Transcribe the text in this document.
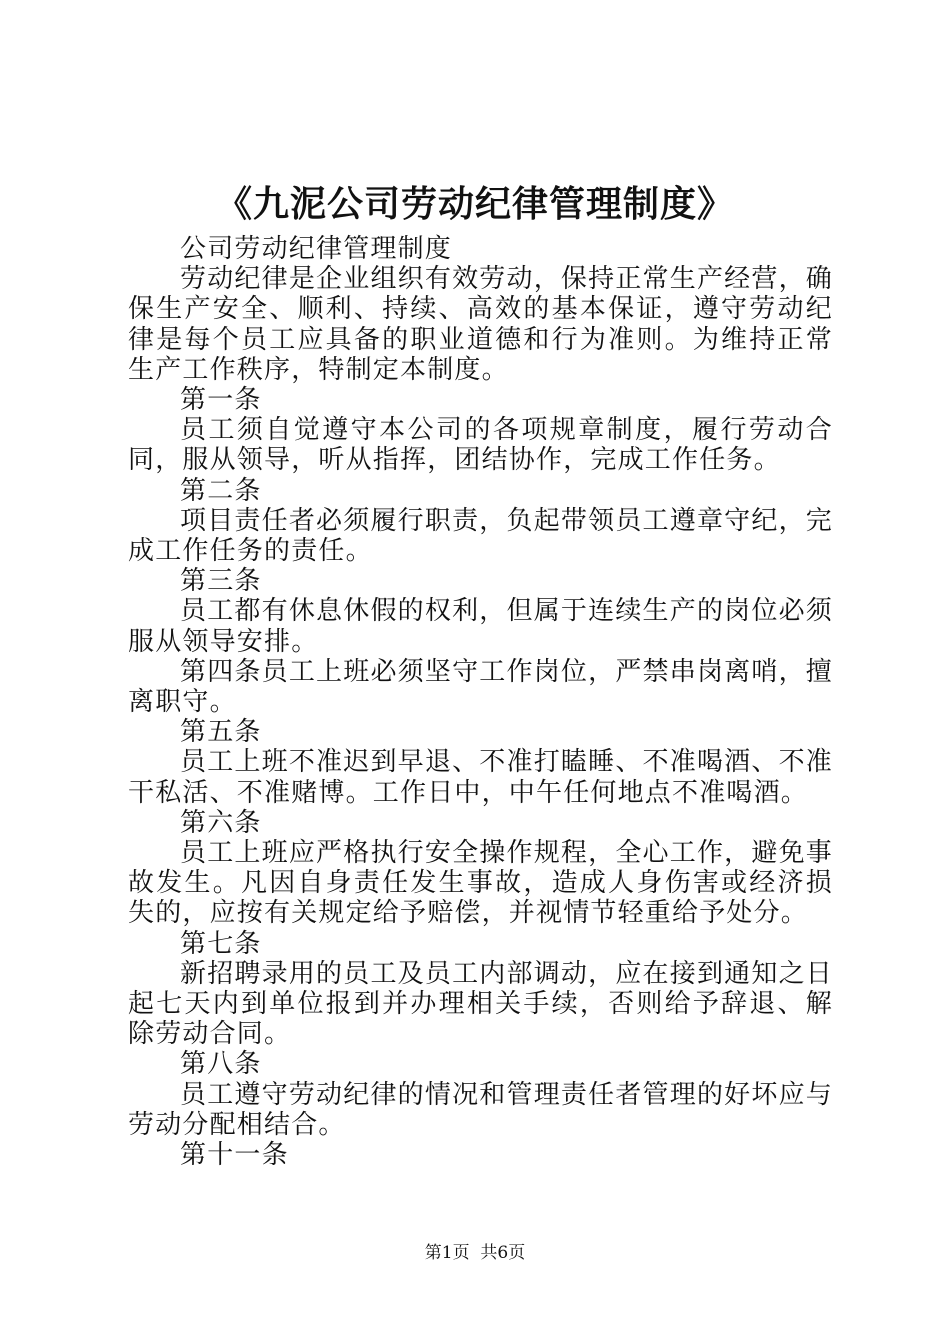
《九泥公司劳动纪律管理制度》

公司劳动纪律管理制度

劳动纪律是企业组织有效劳动，保持正常生产经营，确保生产安全、顺利、持续、高效的基本保证，遵守劳动纪律是每个员工应具备的职业道德和行为准则。为维持正常生产工作秩序，特制定本制度。

第一条

员工须自觉遵守本公司的各项规章制度，履行劳动合同，服从领导，听从指挥，团结协作，完成工作任务。

第二条

项目责任者必须履行职责，负起带领员工遵章守纪，完成工作任务的责任。

第三条

员工都有休息休假的权利，但属于连续生产的岗位必须服从领导安排。

第四条员工上班必须坚守工作岗位，严禁串岗离哨，擅离职守。

第五条

员工上班不准迟到早退、不准打瞌睡、不准喝酒、不准干私活、不准赌博。工作日中，中午任何地点不准喝酒。

第六条

员工上班应严格执行安全操作规程，全心工作，避免事故发生。凡因自身责任发生事故，造成人身伤害或经济损失的，应按有关规定给予赔偿，并视情节轻重给予处分。

第七条

新招聘录用的员工及员工内部调动，应在接到通知之日起七天内到单位报到并办理相关手续，否则给予辞退、解除劳动合同。

第八条

员工遵守劳动纪律的情况和管理责任者管理的好坏应与劳动分配相结合。

第十一条

第1页  共6页
